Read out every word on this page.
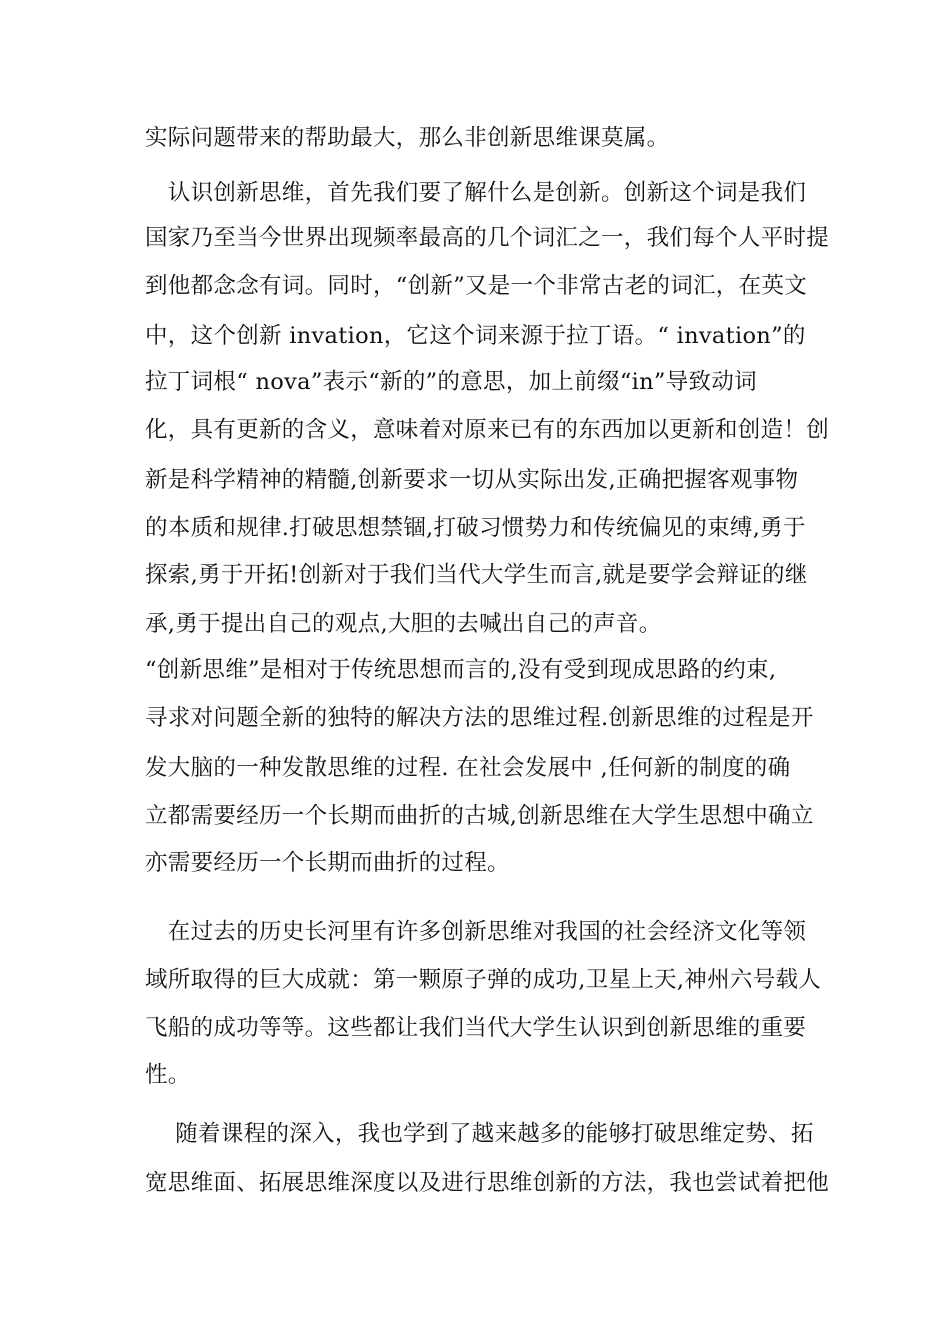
实际问题带来的帮助最大，那么非创新思维课莫属。
　认识创新思维，首先我们要了解什么是创新。创新这个词是我们
国家乃至当今世界出现频率最高的几个词汇之一，我们每个人平时提
到他都念念有词。同时，“创新”又是一个非常古老的词汇，在英文
中，这个创新 invation，它这个词来源于拉丁语。“ invation”的
拉丁词根“ nova”表示“新的”的意思，加上前缀“in”导致动词
化，具有更新的含义，意味着对原来已有的东西加以更新和创造！创
新是科学精神的精髓,创新要求一切从实际出发,正确把握客观事物
的本质和规律.打破思想禁锢,打破习惯势力和传统偏见的束缚,勇于
探索,勇于开拓!创新对于我们当代大学生而言,就是要学会辩证的继
承,勇于提出自己的观点,大胆的去喊出自己的声音。
“创新思维”是相对于传统思想而言的,没有受到现成思路的约束,
寻求对问题全新的独特的解决方法的思维过程.创新思维的过程是开
发大脑的一种发散思维的过程. 在社会发展中 ,任何新的制度的确
立都需要经历一个长期而曲折的古城,创新思维在大学生思想中确立
亦需要经历一个长期而曲折的过程。
　在过去的历史长河里有许多创新思维对我国的社会经济文化等领
域所取得的巨大成就：第一颗原子弹的成功,卫星上天,神州六号载人
飞船的成功等等。这些都让我们当代大学生认识到创新思维的重要
性。
　 随着课程的深入，我也学到了越来越多的能够打破思维定势、拓
宽思维面、拓展思维深度以及进行思维创新的方法，我也尝试着把他
